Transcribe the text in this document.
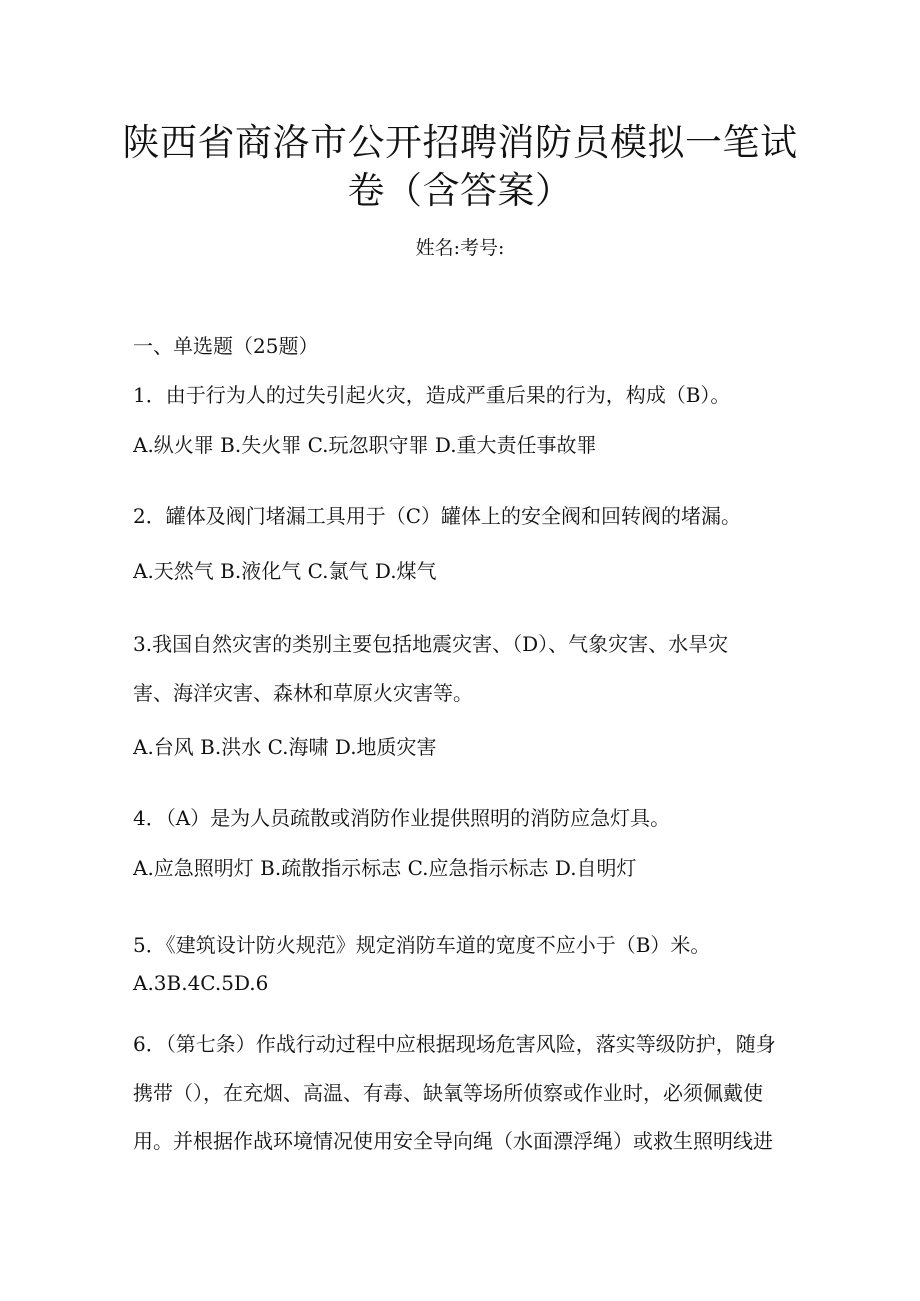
陕西省商洛市公开招聘消防员模拟一笔试
卷（含答案）
姓名:考号:
一、单选题（25题）
1．由于行为人的过失引起火灾，造成严重后果的行为，构成（B）。
A.纵火罪 B.失火罪 C.玩忽职守罪 D.重大责任事故罪
2．罐体及阀门堵漏工具用于（C）罐体上的安全阀和回转阀的堵漏。
A.天然气 B.液化气 C.氯气 D.煤气
3.我国自然灾害的类别主要包括地震灾害、（D）、气象灾害、水旱灾
害、海洋灾害、森林和草原火灾害等。
A.台风 B.洪水 C.海啸 D.地质灾害
4．（A）是为人员疏散或消防作业提供照明的消防应急灯具。
A.应急照明灯 B.疏散指示标志 C.应急指示标志 D.自明灯
5．《建筑设计防火规范》规定消防车道的宽度不应小于（B）米。
A.3B.4C.5D.6
6．（第七条）作战行动过程中应根据现场危害风险，落实等级防护，随身
携带（），在充烟、高温、有毒、缺氧等场所侦察或作业时，必须佩戴使
用。并根据作战环境情况使用安全导向绳（水面漂浮绳）或救生照明线进
